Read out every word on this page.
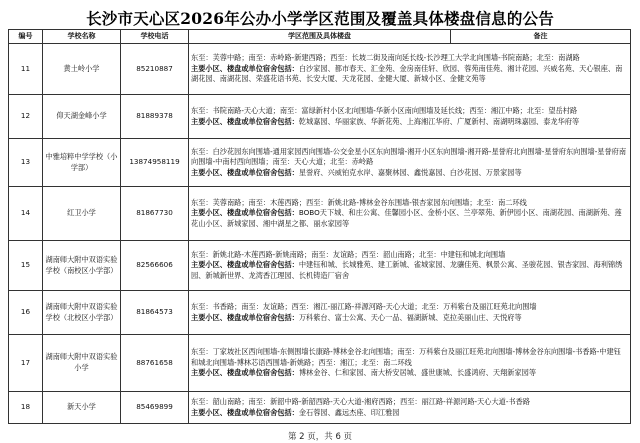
长沙市天心区2026年公办小学学区范围及覆盖具体楼盘信息的公告
编号	学校名称	学校电话	学区范围及具体楼盘	备注
11	黄土岭小学	85210887	东至：芙蓉中路；南至：赤岭路-新建西路；西至：长坡二街及南向延长线-长沙理工大学北向围墙-书院南路；北至：南湖路
主要小区、楼盘或单位宿舍包括：白沙家园、都市春天、汇金苑、金房南佳轩、欣园、蓉苑南佳苑、湘计花园、兴威名苑、天心银座、南湖花园、南湖花园、荣盛花语书苑、长安大厦、天龙花园、金健大厦、新城小区、金健文苑等	

12	仰天湖金峰小学	81889378	东至：书院南路-天心大道；南至：富绿新村小区北向围墙-华新小区南向围墙及延长线；西至：湘江中路；北至：望岳村路
主要小区、楼盘或单位宿舍包括：乾城嘉园、华丽家族、华新花苑、上海湘江华府、广厦新村、南湖明珠嘉园、泰龙华府等	

13	中雅培粹中学学校（小学部）	13874958119	东至：白沙花园东向围墙-通用家园西向围墙-公交金星小区东向围墙-湘开小区东向围墙-湘开路-星誉府北向围墙-星誉府东向围墙-星誉府南向围墙-中南村西向围墙；南至：天心大道；北至：赤岭路
主要小区、楼盘或单位宿舍包括：星誉府、兴威铂克水岸、嘉聚林园、鑫悦嘉园、白沙花园、万景家园等	

14	红卫小学	81867730	东至：芙蓉南路；南至：木莲西路；西至：新姚北路-博林金谷东围墙-银杏家园东向围墙；北至：南二环线
主要小区、楼盘或单位宿舍包括：BOBO天下城、和庄公寓、佳馨园小区、金桥小区、兰亭翠苑、新伊园小区、南湖花园、南湖新苑、莲花山小区、新城家园、湘中湖星之都、丽水家园等	

15	湖南师大附中双语实验学校（南校区小学部）	82566606	东至：新姚北路-木莲西路-新姚南路；南至：友谊路；西至：韶山南路；北至：中建钰和城北向围墙
主要小区、楼盘或单位宿舍包括：中建钰和城、长城雅苑、建工新城、雀城家园、龙骧佳苑、枫景公寓、圣骏花园、银杏家园、海利锦绣园、新城新世界、龙湾香江理园、长机铸造厂宿舍	

16	湖南师大附中双语实验学校（北校区小学部）	81864573	东至：书香路；南至：友谊路；西至：湘江-丽江路-祥源河路-天心大道；北至：万科紫台及丽江旺苑北向围墙
主要小区、楼盘或单位宿舍包括：万科紫台、富士公寓、天心一品、福湖新城、克拉美丽山庄、天悦府等	

17	湖南师大附中双语实验小学	88761658	东至：丁家坡社区西向围墙-东侧围墙长康路-博林金谷北向围墙；南至：万科紫台及丽江旺苑北向围墙-博林金谷东向围墙-书香路-中建钰和城北向围墙-博林芯语西围墙-新姚路；西至：湘江；北至：南二环线
主要小区、楼盘或单位宿舍包括：博林金谷、仁和家园、南大桥安居城、盛世康城、长盛鸿府、天翔新家园等	

18	新天小学	85469899	东至：韶山南路；南至：新韶中路-新韶西路-天心大道-湘府西路；西至：丽江路-祥源河路-天心大道-书香路
主要小区、楼盘或单位宿舍包括：金石蓉园、鑫远杰座、印江雅园	
第 2 页，共 6 页
